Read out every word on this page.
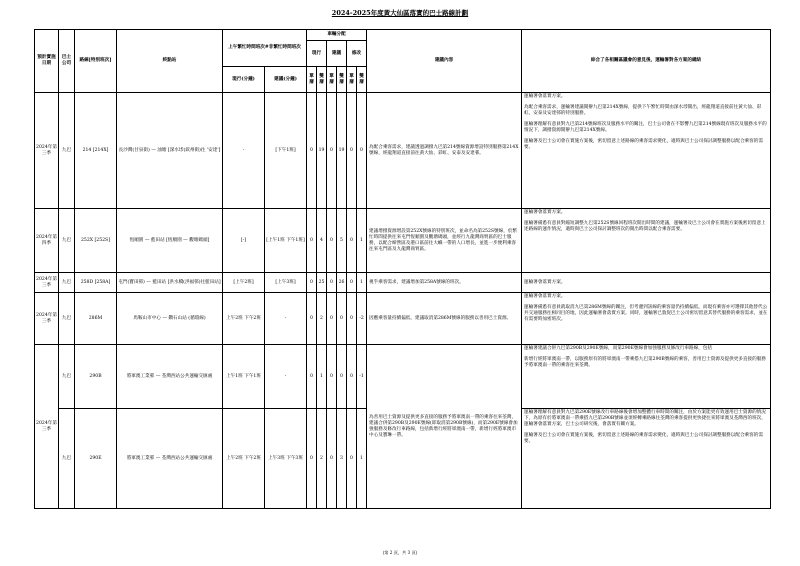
2024-2025年度黃大仙區落實的巴士路線計劃
預計實施日期	巴士公司	路線[特別班次]	終點站	上午繁忙時間班次#非繁忙時間班次		車輛分配						建議內容	綜合了各相關區議會的意見後，運輸署對各方案的總結
						現行		建議		修改			
				現行(分鐘)	建議(分鐘)	單層	雙層	單層	雙層	單層	雙層		
2024年第三季	九巴	214 [214X]	長沙灣(甘泉街) — 油塘 [深水埗(欽州街)往 '安達']	-	[下午1班]	0	19	0	19	0	0	為配合乘客需求，建議透過調撥九巴第214號線資源增設特別服務第214X號線，經龍翔道直接前往黃大仙、彩虹、安泰及安達邨。	運輸署會落實方案。
為配合乘客需求，運輸署建議開辦九巴第214X號線，提供下午繁忙時間由深水埗開出，經龍翔道直接前往黃大仙、彩虹、安泰及安達邨的特別服務。
運輸署理解有意員對九巴第214號線班次及服務水平的關注，巴士公司會在不影響九巴第214號線現有班次及服務水平的情況下，調撥資源開辦九巴第214X號線。
運輸署及巴士公司會在實施方案後，密切留意上述路線的乘客需求變化，適時與巴士公司探討調整服務以配合乘客的需要。

2024年第四季	九巴	252X [252S]	恆順園 — 藍田站 [恆順園 — 觀塘碼頭]	[-]	[上午1班 下午1班]	0	4	0	5	0	1	建議增撥資源增設第252X號線的特別班次，並命名為第252S號線，於繁忙時間提供往來屯門恆順園及觀塘碼頭，並經行九龍灣商貿區的巴士服務，以配合締營區及港口區前往大嶼一帶的人口增長，並進一步便利乘客往來屯門區及九龍灣商貿區。	運輸署會落實方案。
運輸署備悉有意員對縮短調整九巴第252S號線回程班次開出時間的建議，運輸署及巴士公司會在實施方案後密切留意上述路線的運作情況，適時與巴士公司探討調整班次的開出時間以配合乘客需要。

2024年第三季	九巴	258D [258A]	屯門(寶田邨) — 藍田站 [洪水橋(洪福邨)往藍田站]	[上午2班]	[上午3班]	0	25	0	26	0	1	視乎乘客需求，建議增加第258A號線的班次。	運輸署會落實方案。

2024年第三季	九巴	286M	馬鞍山市中心 — 鑽石山站 (循環線)	上午2班 下午2班	-	0	2	0	0	0	-2	因應乘客量持續偏低，建議取消第286M號線的服務以善用巴士資源。	運輸署會落實方案。
運輸署備悉有意員就取消九巴第286M號線的關注，但考慮到該線的乘客量仍持續偏低，而現有乘客亦可選擇其他替代公共交通服務往相同目的地，因此運輸署會落實方案。同時，運輸署已敦促巴士公司密切留意其替代服務的乘客需求，並在有需要時加密班次。

2024年第三季	九巴	290B	將軍澳工業邨 — 荃灣西站公共運輸交匯處	上午1班 下午1班	-	0	1	0	0	0	-1	為善用巴士資源及提供更多直接的服務予將軍澳南一帶的乘客往來荃灣，建議合併第290B及290E號線(即取消第290B號線)，而第290E號線會加強服務及修改行車路線，包括新增行經將軍澳南一帶，新增行經將軍澳市中心及寶琳一帶。	運輸署建議合併九巴第290B及290E號線，而第290E號線會加強服務及修改行車路線，包括
新增行經將軍澳南一帶，以服務原有的將軍澳南一帶乘搭九巴第290B號線的乘客，善用巴士資源及提供更多直接的服務予將軍澳南一帶的乘客往來荃灣。

	九巴	290E	將軍澳工業邨 — 荃灣西站公共運輸交匯處	上午2班 下午2班	上午3班 下午3班	0	2	0	3	0	1		運輸署理解有意員對九巴第290E號線改行車路線後會增加整體行車時間的關注，由於方案能更有效運用巴士資源的情況下，為原有於將軍澳南一帶乘搭九巴第290B號線並須經轉乘路線往荃灣的乘客提供更快捷往來將軍澳及荃灣西的班次，運輸署會落實方案，巴士公司研究後，會落實有關方案。
運輸署及巴士公司會在實施方案後，密切留意上述路線的乘客需求變化，適時與巴士公司探討調整服務以配合乘客的需要。
(第 2 頁，共 3 頁)
